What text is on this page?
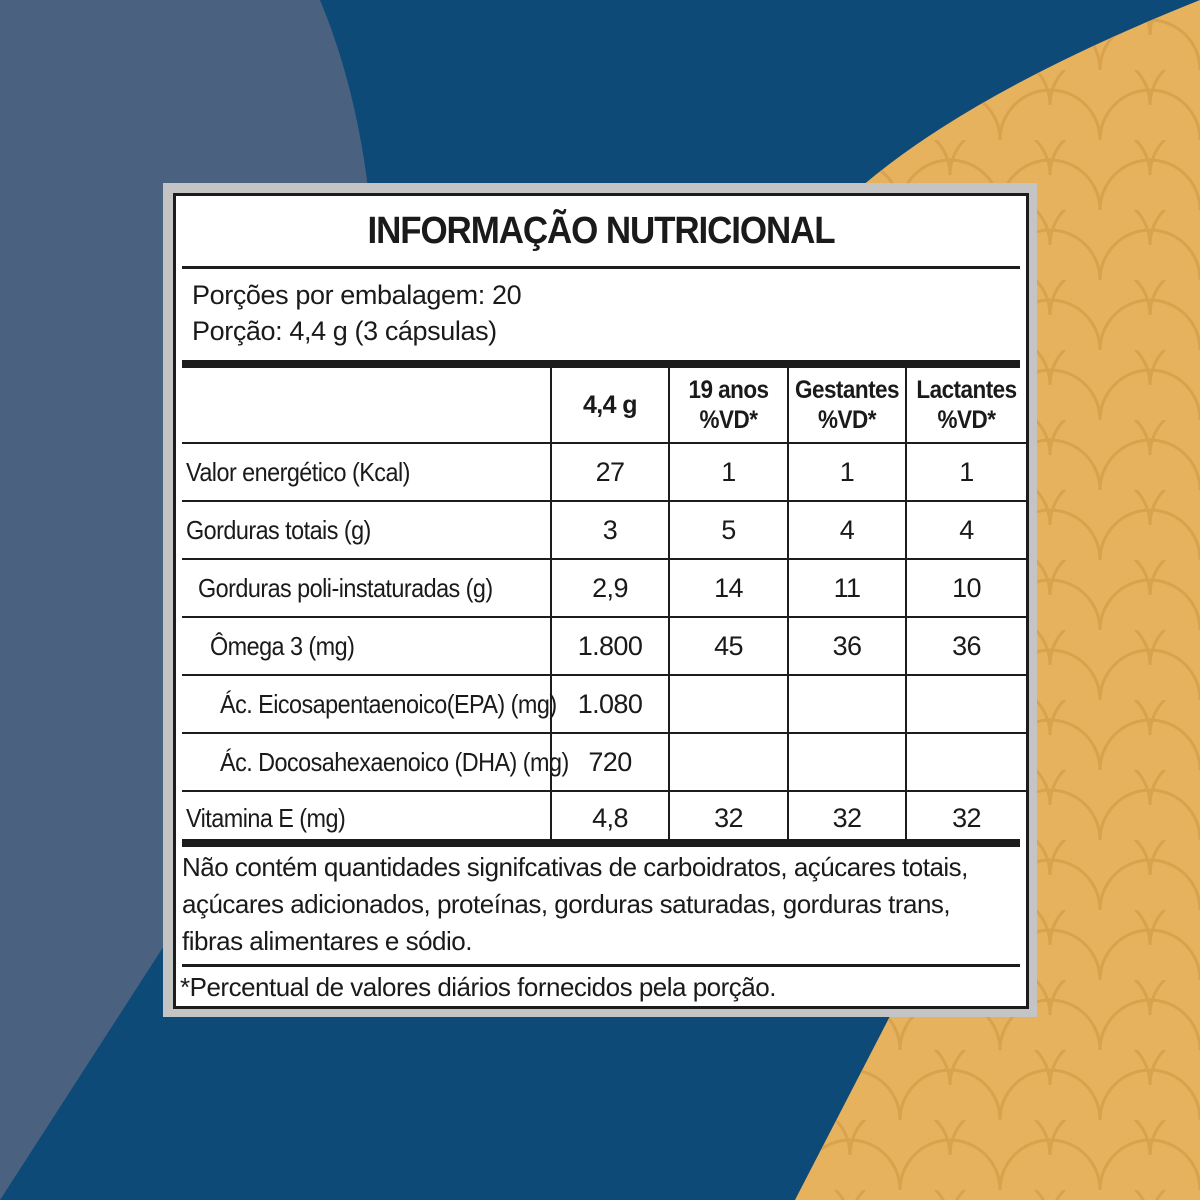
INFORMAÇÃO NUTRICIONAL
Porções por embalagem: 20
Porção: 4,4 g (3 cápsulas)
	4,4 g	19 anos %VD*	Gestantes %VD*	Lactantes %VD*
Valor energético (Kcal)	27	1	1	1
Gorduras totais (g)	3	5	4	4
Gorduras poli-instaturadas (g)	2,9	14	11	10
Ômega 3 (mg)	1.800	45	36	36
Ác. Eicosapentaenoico(EPA) (mg)	1.080			
Ác. Docosahexaenoico (DHA) (mg)	720			
Vitamina E (mg)	4,8	32	32	32
Não contém quantidades signifcativas de carboidratos, açúcares totais, açúcares adicionados, proteínas, gorduras saturadas, gorduras trans, fibras alimentares e sódio.
*Percentual de valores diários fornecidos pela porção.
